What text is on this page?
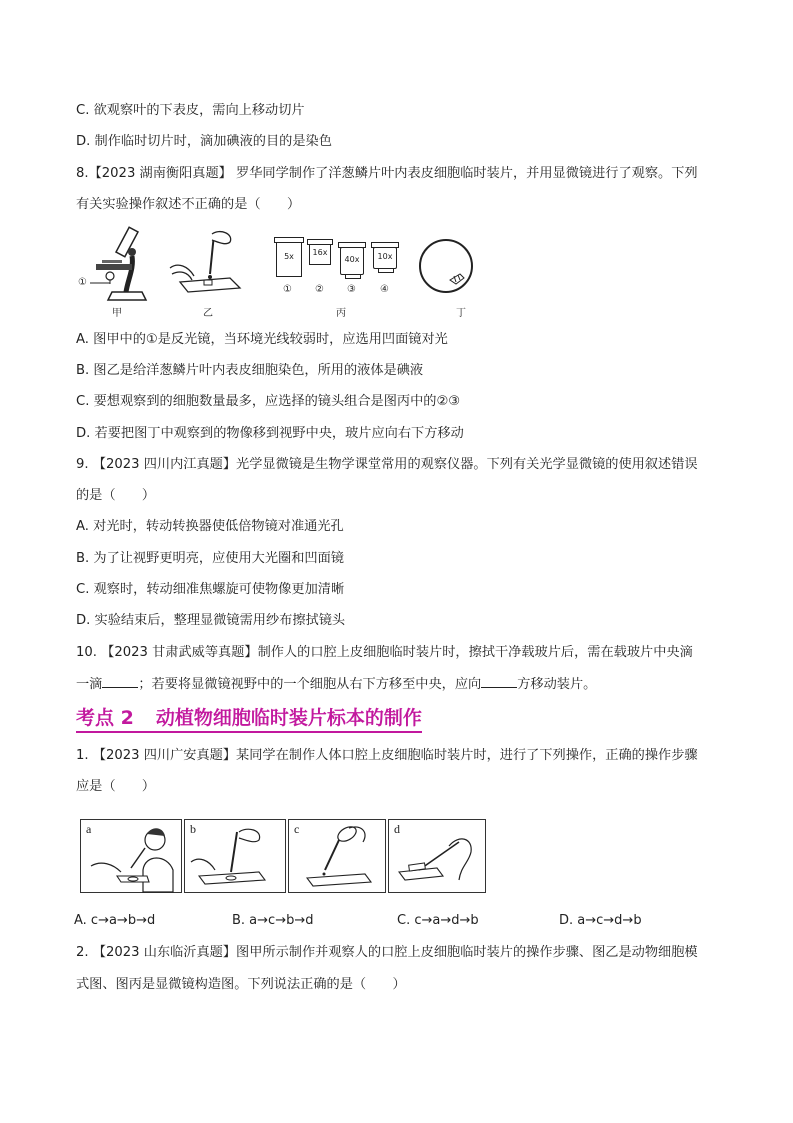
C. 欲观察叶的下表皮，需向上移动切片
D. 制作临时切片时，滴加碘液的目的是染色
8.【2023 湖南衡阳真题】 罗华同学制作了洋葱鳞片叶内表皮细胞临时装片，并用显微镜进行了观察。下列
有关实验操作叙述不正确的是（　　）
①
甲	乙
5x	16x
40x	10x
① ② ③ ④
丙	丁
A. 图甲中的①是反光镜，当环境光线较弱时，应选用凹面镜对光
B. 图乙是给洋葱鳞片叶内表皮细胞染色，所用的液体是碘液
C. 要想观察到的细胞数量最多，应选择的镜头组合是图丙中的②③
D. 若要把图丁中观察到的物像移到视野中央，玻片应向右下方移动
9. 【2023 四川内江真题】光学显微镜是生物学课堂常用的观察仪器。下列有关光学显微镜的使用叙述错误
的是（　　）
A. 对光时，转动转换器使低倍物镜对准通光孔
B. 为了让视野更明亮，应使用大光圈和凹面镜
C. 观察时，转动细准焦螺旋可使物像更加清晰
D. 实验结束后，整理显微镜需用纱布擦拭镜头
10. 【2023 甘肃武威等真题】制作人的口腔上皮细胞临时装片时，擦拭干净载玻片后，需在载玻片中央滴
一滴	；若要将显微镜视野中的一个细胞从右下方移至中央，应向	方移动装片。
考点 2 动植物细胞临时装片标本的制作
1. 【2023 四川广安真题】某同学在制作人体口腔上皮细胞临时装片时，进行了下列操作，正确的操作步骤
应是（　　）
a	b	c	d
A. c→a→b→d	B. a→c→b→d	C. c→a→d→b	D. a→c→d→b
2. 【2023 山东临沂真题】图甲所示制作并观察人的口腔上皮细胞临时装片的操作步骤、图乙是动物细胞模
式图、图丙是显微镜构造图。下列说法正确的是（　　）
